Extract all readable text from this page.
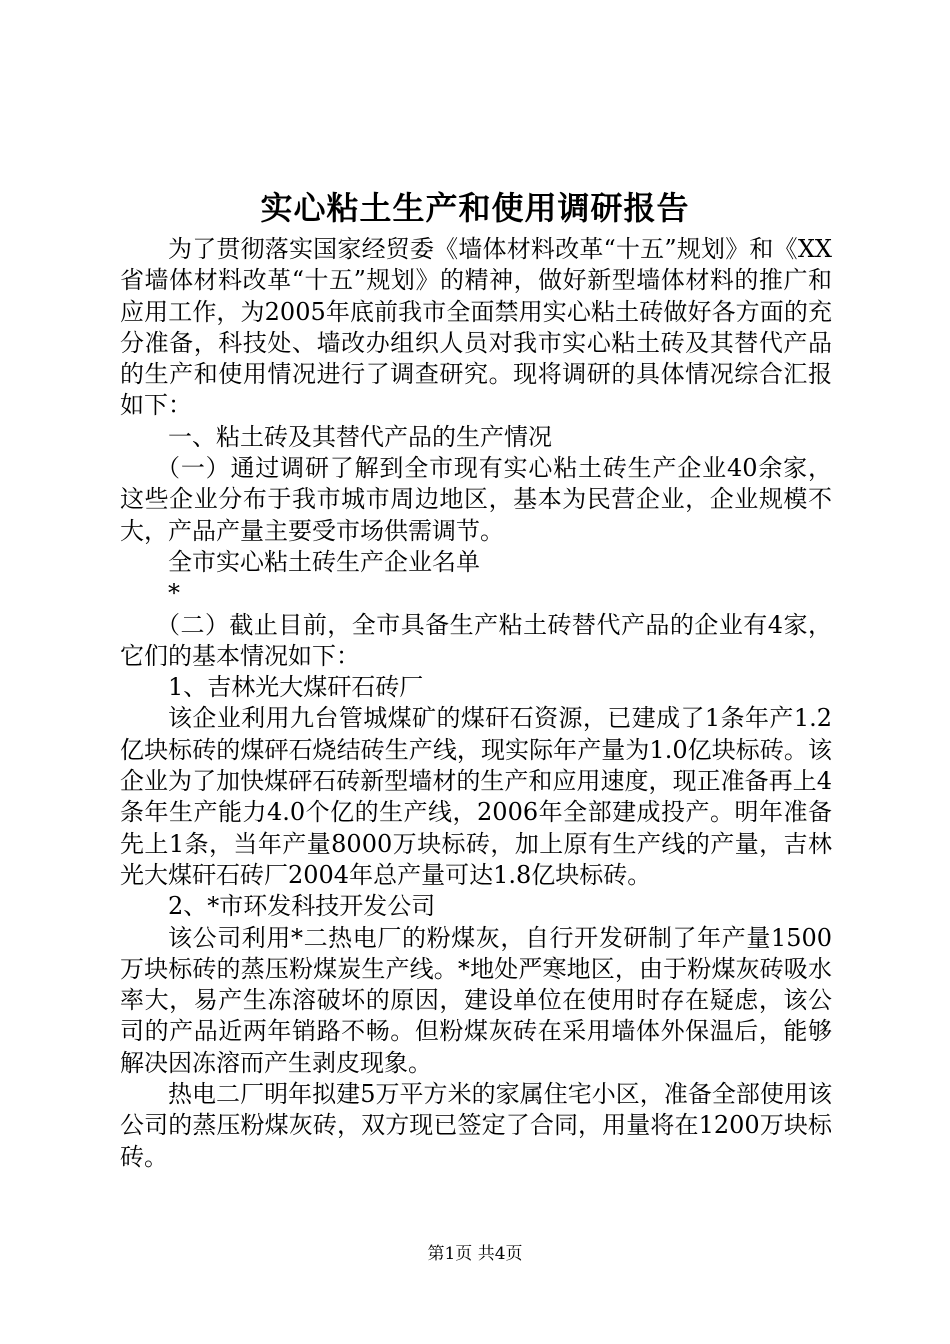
实心粘土生产和使用调研报告

为了贯彻落实国家经贸委《墙体材料改革“十五”规划》和《XX省墙体材料改革“十五”规划》的精神，做好新型墙体材料的推广和应用工作，为2005年底前我市全面禁用实心粘土砖做好各方面的充分准备，科技处、墙改办组织人员对我市实心粘土砖及其替代产品的生产和使用情况进行了调查研究。现将调研的具体情况综合汇报如下：

一、粘土砖及其替代产品的生产情况

（一）通过调研了解到全市现有实心粘土砖生产企业40余家，这些企业分布于我市城市周边地区，基本为民营企业，企业规模不大，产品产量主要受市场供需调节。

全市实心粘土砖生产企业名单

*

（二）截止目前，全市具备生产粘土砖替代产品的企业有4家，它们的基本情况如下：

1、吉林光大煤矸石砖厂

该企业利用九台管城煤矿的煤矸石资源，已建成了1条年产1.2亿块标砖的煤砰石烧结砖生产线，现实际年产量为1.0亿块标砖。该企业为了加快煤砰石砖新型墙材的生产和应用速度，现正准备再上4条年生产能力4.0个亿的生产线，2006年全部建成投产。明年准备先上1条，当年产量8000万块标砖，加上原有生产线的产量，吉林光大煤矸石砖厂2004年总产量可达1.8亿块标砖。

2、*市环发科技开发公司

该公司利用*二热电厂的粉煤灰，自行开发研制了年产量1500万块标砖的蒸压粉煤炭生产线。*地处严寒地区，由于粉煤灰砖吸水率大，易产生冻溶破坏的原因，建设单位在使用时存在疑虑，该公司的产品近两年销路不畅。但粉煤灰砖在采用墙体外保温后，能够解决因冻溶而产生剥皮现象。

热电二厂明年拟建5万平方米的家属住宅小区，准备全部使用该公司的蒸压粉煤灰砖，双方现已签定了合同，用量将在1200万块标砖。

第1页 共4页
